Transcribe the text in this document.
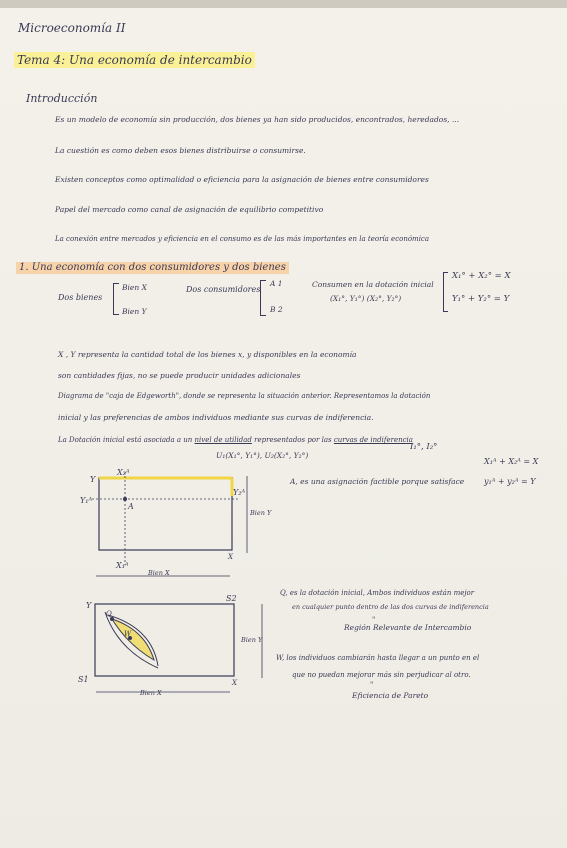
Microeconomía II
Tema 4: Una economía de intercambio
Introducción
Es un modelo de economía sin producción, dos bienes ya han sido producidos, encontrados, heredados, ...
La cuestión es como deben esos bienes distribuirse o consumirse.
Existen conceptos como optimalidad o eficiencia para la asignación de bienes entre consumidores
Papel del mercado como canal de asignación de equilibrio competitivo
La conexión entre mercados y eficiencia en el consumo es de las más importantes en la teoría económica
1. Una economía con dos consumidores y dos bienes
Dos bienes
Bien X
Bien Y
Dos consumidores
A 1
B 2
Consumen en la dotación inicial
(X₁°, Y₁°) (X₂°, Y₂°)
X₁° + X₂° = X
Y₁° + Y₂° = Y
X , Y representa la cantidad total de los bienes x, y disponibles en la economía
son cantidades fijas, no se puede producir unidades adicionales
Diagrama de "caja de Edgeworth", donde se representa la situación anterior. Representamos la dotación
inicial y las preferencias de ambos individuos mediante sus curvas de indiferencia.
La Dotación inicial está asociada a un nivel de utilidad representados por las curvas de indiferencia
U₁(X₁°, Y₁°), U₂(X₂°, Y₂°)
I₁°, I₂°
Y
X₂ᴬ
Y₁ᴬ
Y₂ᴬ
A
X₁ᴬ
X
Bien X
Bien Y
Y
S2
S1
Q
W
X
Bien X
Bien Y
A, es una asignación factible porque satisface
X₁ᴬ + X₂ᴬ = X
y₁ᴬ + y₂ᴬ = Y
Q, es la dotación inicial, Ambos individuos están mejor
en cualquier punto dentro de las dos curvas de indiferencia
"
Región Relevante de Intercambio
W, los individuos cambiarán hasta llegar a un punto en el
que no puedan mejorar más sin perjudicar al otro.
"
Eficiencia de Pareto
